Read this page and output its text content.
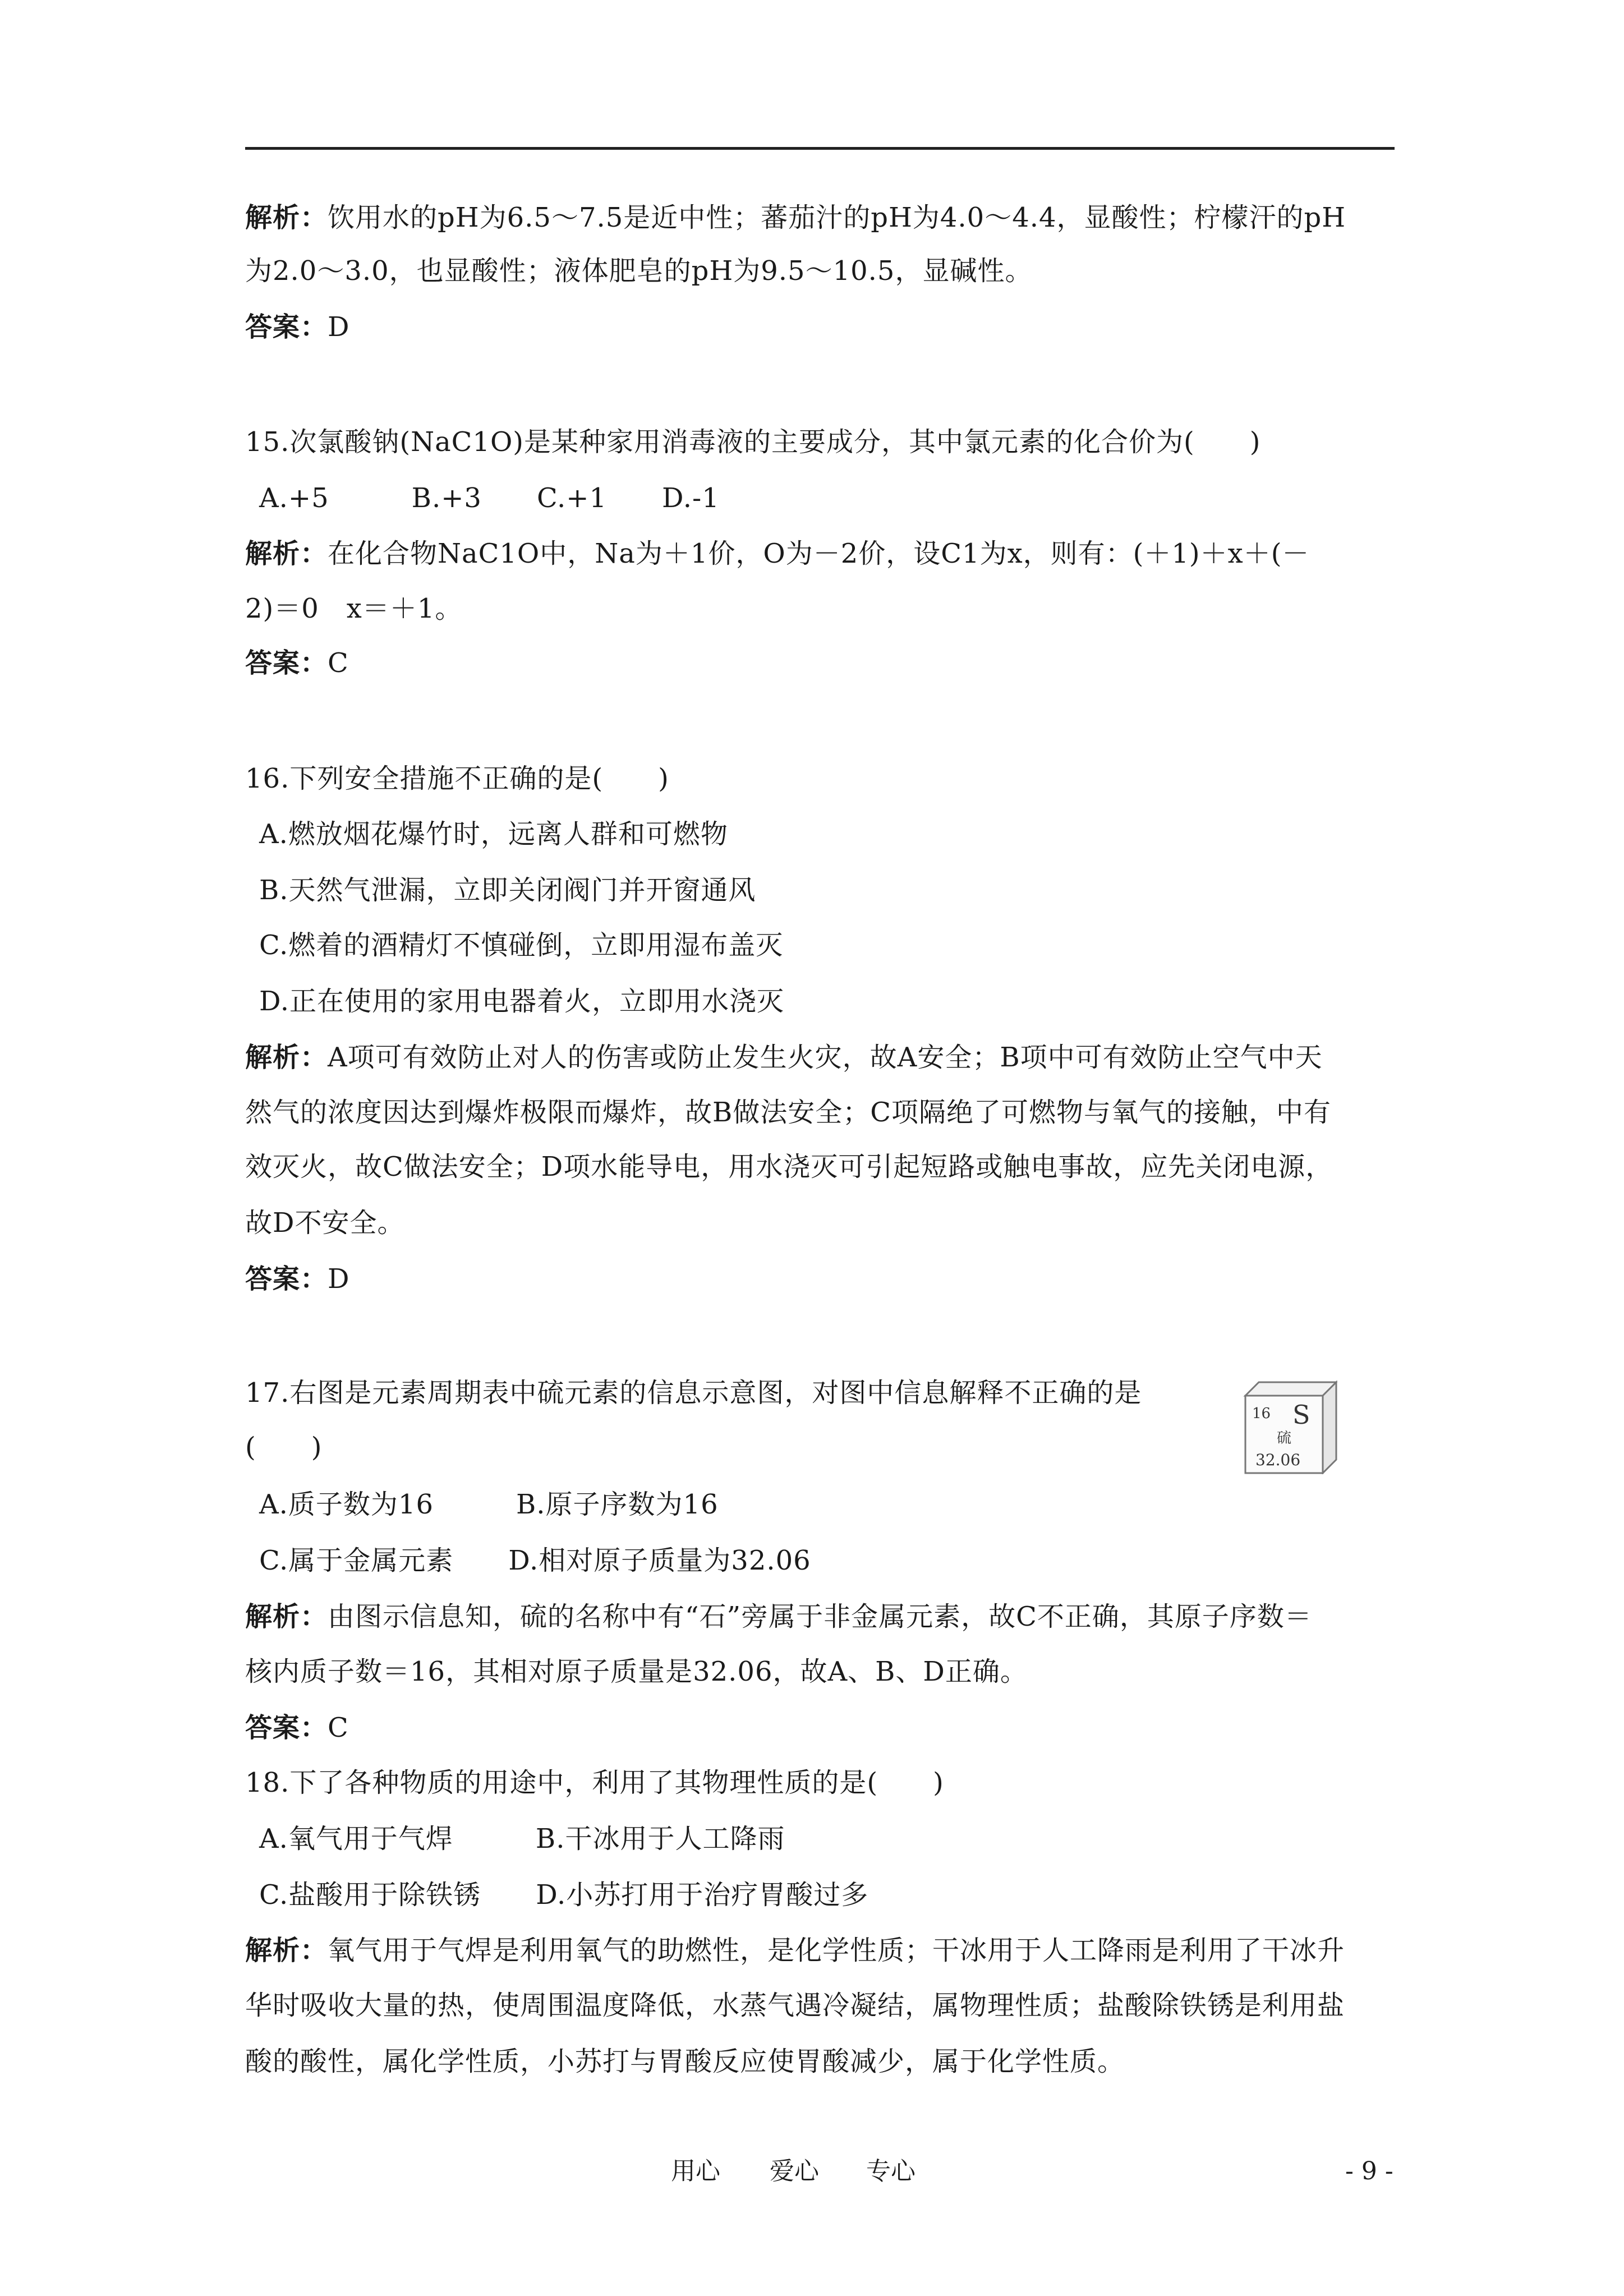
解析：饮用水的pH为6.5～7.5是近中性；蕃茄汁的pH为4.0～4.4，显酸性；柠檬汗的pH
为2.0～3.0，也显酸性；液体肥皂的pH为9.5～10.5，显碱性。
答案：D
15.次氯酸钠(NaC1O)是某种家用消毒液的主要成分，其中氯元素的化合价为(　　)
A.+5　　　B.+3　　C.+1　　D.-1
解析：在化合物NaC1O中，Na为＋1价，O为－2价，设C1为x，则有：(＋1)＋x＋(－
2)＝0　x＝＋1。
答案：C
16.下列安全措施不正确的是(　　)
A.燃放烟花爆竹时，远离人群和可燃物
B.天然气泄漏，立即关闭阀门并开窗通风
C.燃着的酒精灯不慎碰倒，立即用湿布盖灭
D.正在使用的家用电器着火，立即用水浇灭
解析：A项可有效防止对人的伤害或防止发生火灾，故A安全；B项中可有效防止空气中天
然气的浓度因达到爆炸极限而爆炸，故B做法安全；C项隔绝了可燃物与氧气的接触，中有
效灭火，故C做法安全；D项水能导电，用水浇灭可引起短路或触电事故，应先关闭电源，
故D不安全。
答案：D
17.右图是元素周期表中硫元素的信息示意图，对图中信息解释不正确的是
(　　)
16 S
硫
32.06
A.质子数为16　　　B.原子序数为16
C.属于金属元素　　D.相对原子质量为32.06
解析：由图示信息知，硫的名称中有“石”旁属于非金属元素，故C不正确，其原子序数＝
核内质子数＝16，其相对原子质量是32.06，故A、B、D正确。
答案：C
18.下了各种物质的用途中，利用了其物理性质的是(　　)
A.氧气用于气焊　　　B.干冰用于人工降雨
C.盐酸用于除铁锈　　D.小苏打用于治疗胃酸过多
解析：氧气用于气焊是利用氧气的助燃性，是化学性质；干冰用于人工降雨是利用了干冰升
华时吸收大量的热，使周围温度降低，水蒸气遇冷凝结，属物理性质；盐酸除铁锈是利用盐
酸的酸性，属化学性质，小苏打与胃酸反应使胃酸减少，属于化学性质。
用心 爱心 专心	- 9 -
